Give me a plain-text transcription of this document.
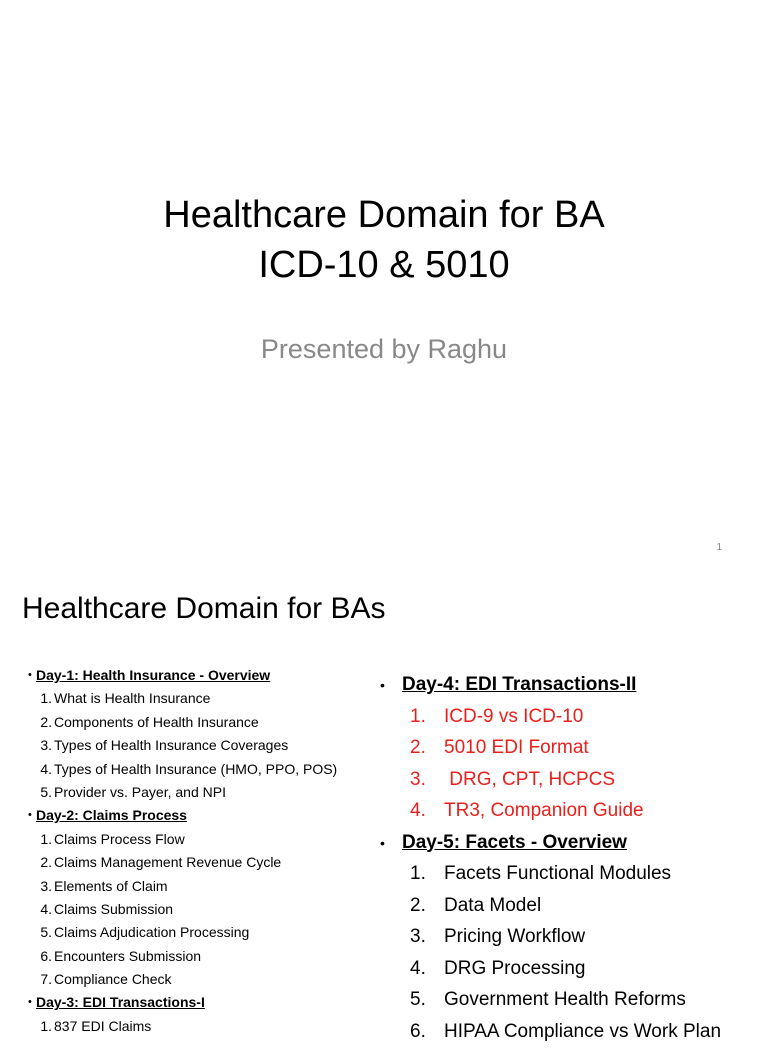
Healthcare Domain for BA
ICD-10 & 5010
Presented by Raghu
1
Healthcare Domain for BAs
• Day-1: Health Insurance - Overview
1. What is Health Insurance
2. Components of Health Insurance
3. Types of Health Insurance Coverages
4. Types of Health Insurance (HMO, PPO, POS)
5. Provider vs. Payer, and NPI
• Day-2: Claims Process
1. Claims Process Flow
2. Claims Management Revenue Cycle
3. Elements of Claim
4. Claims Submission
5. Claims Adjudication Processing
6. Encounters Submission
7. Compliance Check
• Day-3: EDI Transactions-I
1. 837 EDI Claims
• Day-4: EDI Transactions-II
1. ICD-9 vs ICD-10
2. 5010 EDI Format
3. DRG, CPT, HCPCS
4. TR3, Companion Guide
• Day-5: Facets - Overview
1. Facets Functional Modules
2. Data Model
3. Pricing Workflow
4. DRG Processing
5. Government Health Reforms
6. HIPAA Compliance vs Work Plan
